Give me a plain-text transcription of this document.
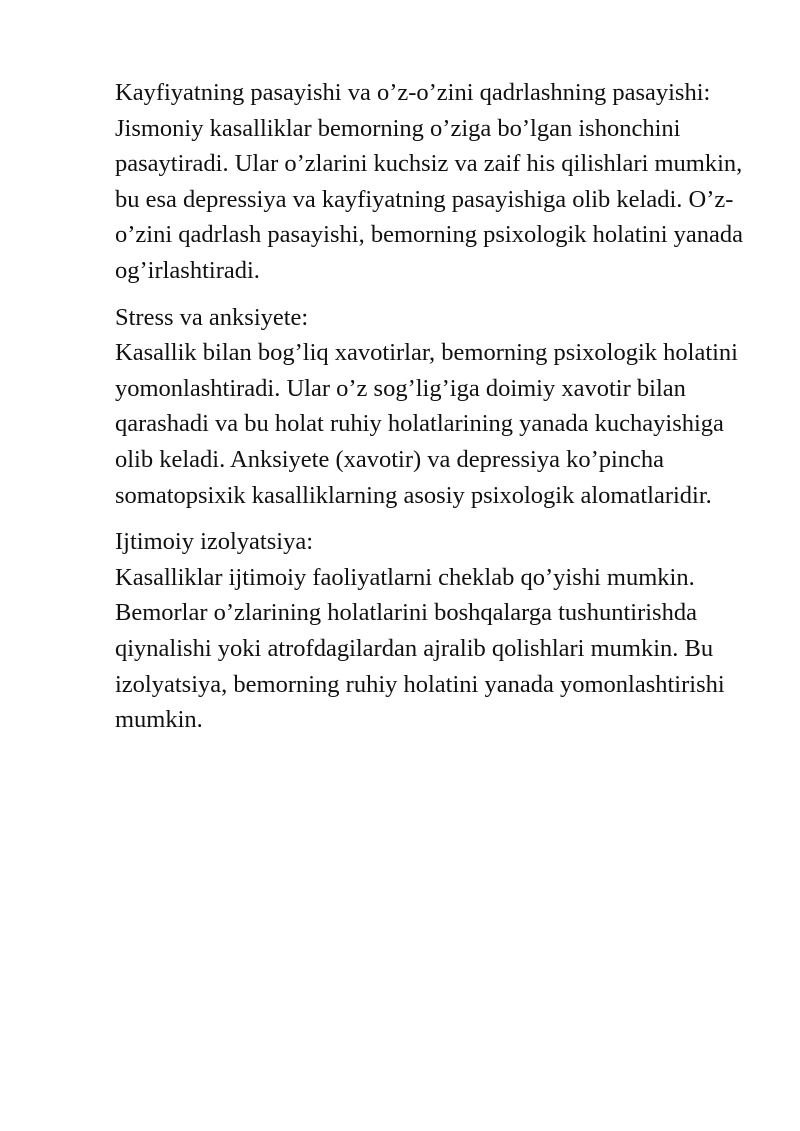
Kayfiyatning pasayishi va o’z-o’zini qadrlashning pasayishi:

Jismoniy kasalliklar bemorning o’ziga bo’lgan ishonchini pasaytiradi. Ular o’zlarini kuchsiz va zaif his qilishlari mumkin, bu esa depressiya va kayfiyatning pasayishiga olib keladi. O’z-o’zini qadrlash pasayishi, bemorning psixologik holatini yanada og’irlashtiradi.

Stress va anksiyete:

Kasallik bilan bog’liq xavotirlar, bemorning psixologik holatini yomonlashtiradi. Ular o’z sog’lig’iga doimiy xavotir bilan qarashadi va bu holat ruhiy holatlarining yanada kuchayishiga olib keladi. Anksiyete (xavotir) va depressiya ko’pincha somatopsixik kasalliklarning asosiy psixologik alomatlaridir.

Ijtimoiy izolyatsiya:

Kasalliklar ijtimoiy faoliyatlarni cheklab qo’yishi mumkin. Bemorlar o’zlarining holatlarini boshqalarga tushuntirishda qiynalishi yoki atrofdagilardan ajralib qolishlari mumkin. Bu izolyatsiya, bemorning ruhiy holatini yanada yomonlashtirishi mumkin.
